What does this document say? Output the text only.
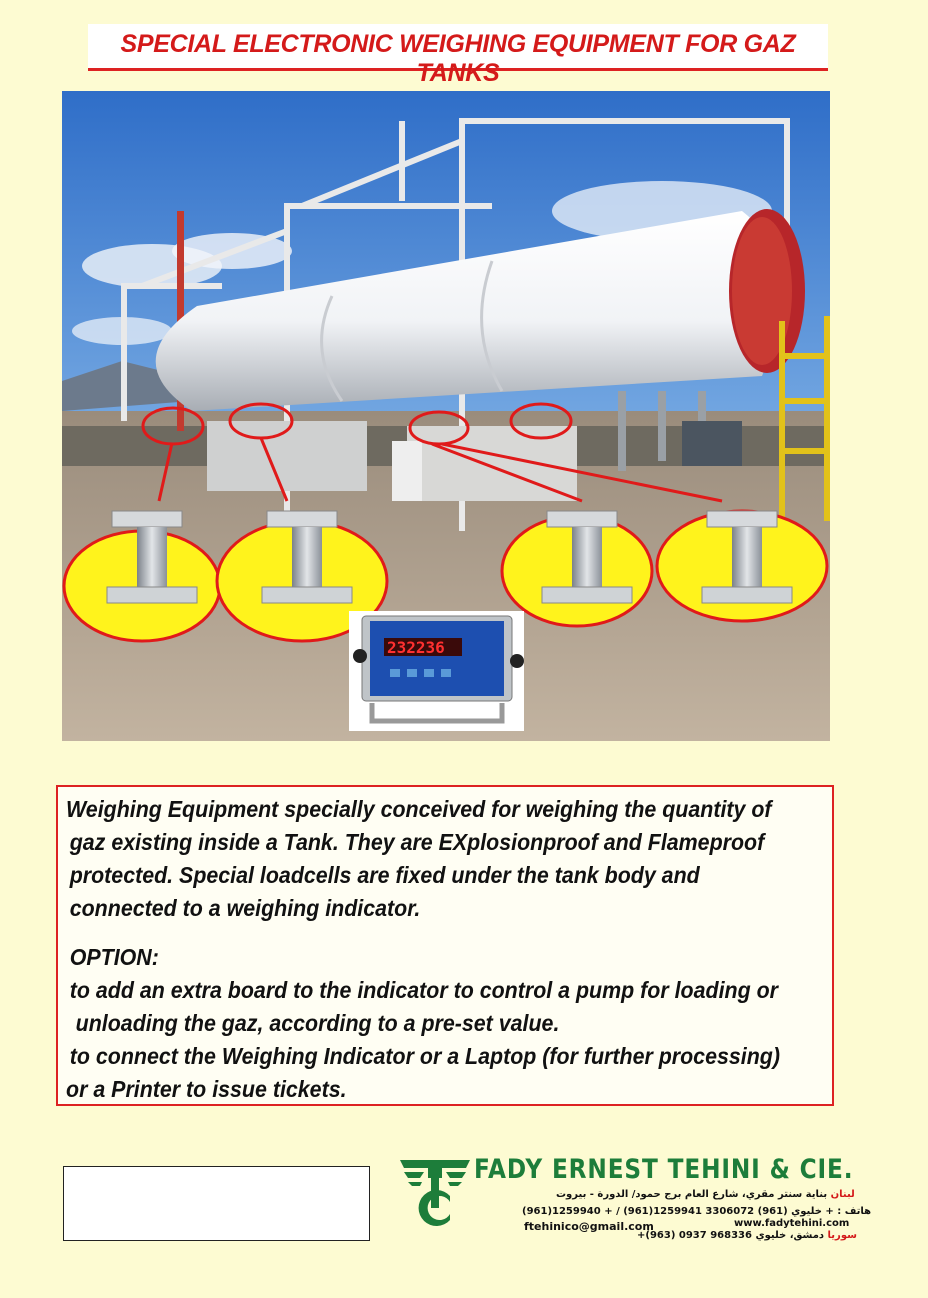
SPECIAL ELECTRONIC WEIGHING EQUIPMENT FOR GAZ TANKS
232236

Weighing Equipment specially conceived for weighing the quantity of

gaz existing inside a Tank. They are EXplosionproof and Flameproof

protected. Special loadcells are fixed under the tank body and

connected to a weighing indicator.

OPTION:

to add an extra board to the indicator to control a pump for loading or

unloading the gaz, according to a pre-set value.

to connect the Weighing Indicator or a Laptop (for further processing)

or a Printer to issue tickets.

FADY ERNEST TEHINI & CIE.
لبنان بناية سنتر مقري، شارع العام برج حمود/ الدورة - بيروت
هاتف : (961)1259940 + / (961)1259941 خليوي (961) 3306072 +
www.fadytehini.com
ftehinico@gmail.com
سوريا دمشق، خليوي 968336 0937 (963)+
